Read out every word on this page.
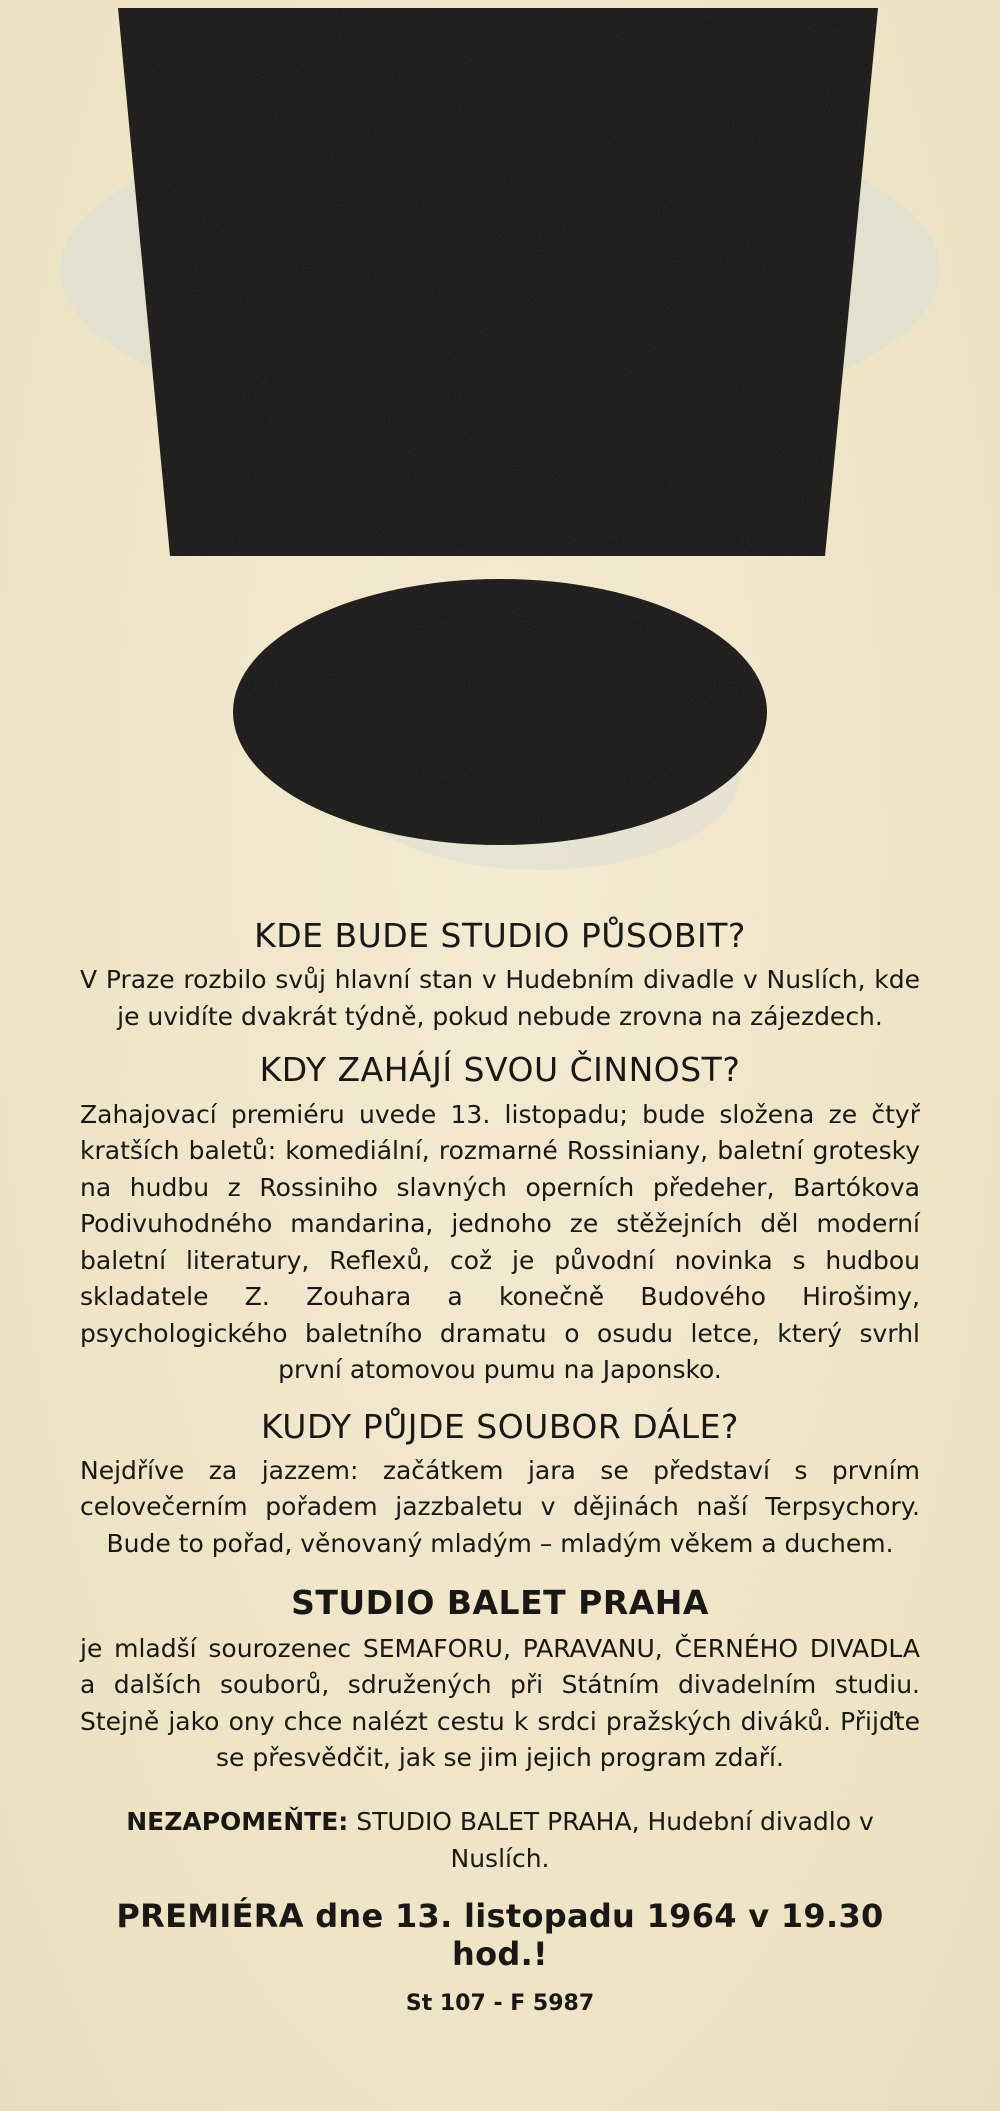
KDE BUDE STUDIO PŮSOBIT?

V Praze rozbilo svůj hlavní stan v Hudebním divadle v Nuslích, kde je uvidíte dvakrát týdně, pokud nebude zrovna na zájezdech.

KDY ZAHÁJÍ SVOU ČINNOST?

Zahajovací premiéru uvede 13. listopadu; bude složena ze čtyř kratších baletů: komediální, rozmarné Rossiniany, baletní grotesky na hudbu z Rossiniho slavných operních předeher, Bartókova Podivuhodného mandarina, jednoho ze stěžejních děl moderní baletní literatury, Reflexů, což je původní novinka s hudbou skladatele Z. Zouhara a konečně Budového Hirošimy, psychologického baletního dramatu o osudu letce, který svrhl první atomovou pumu na Japonsko.

KUDY PŮJDE SOUBOR DÁLE?

Nejdříve za jazzem: začátkem jara se představí s prvním celovečerním pořadem jazzbaletu v dějinách naší Terpsychory. Bude to pořad, věnovaný mladým – mladým věkem a duchem.

STUDIO BALET PRAHA

je mladší sourozenec SEMAFORU, PARAVANU, ČERNÉHO DIVADLA a dalších souborů, sdružených při Státním divadelním studiu. Stejně jako ony chce nalézt cestu k srdci pražských diváků. Přijďte se přesvědčit, jak se jim jejich program zdaří.

NEZAPOMEŇTE: STUDIO BALET PRAHA, Hudební divadlo v Nuslích.
PREMIÉRA dne 13. listopadu 1964 v 19.30 hod.!
St 107 - F 5987
